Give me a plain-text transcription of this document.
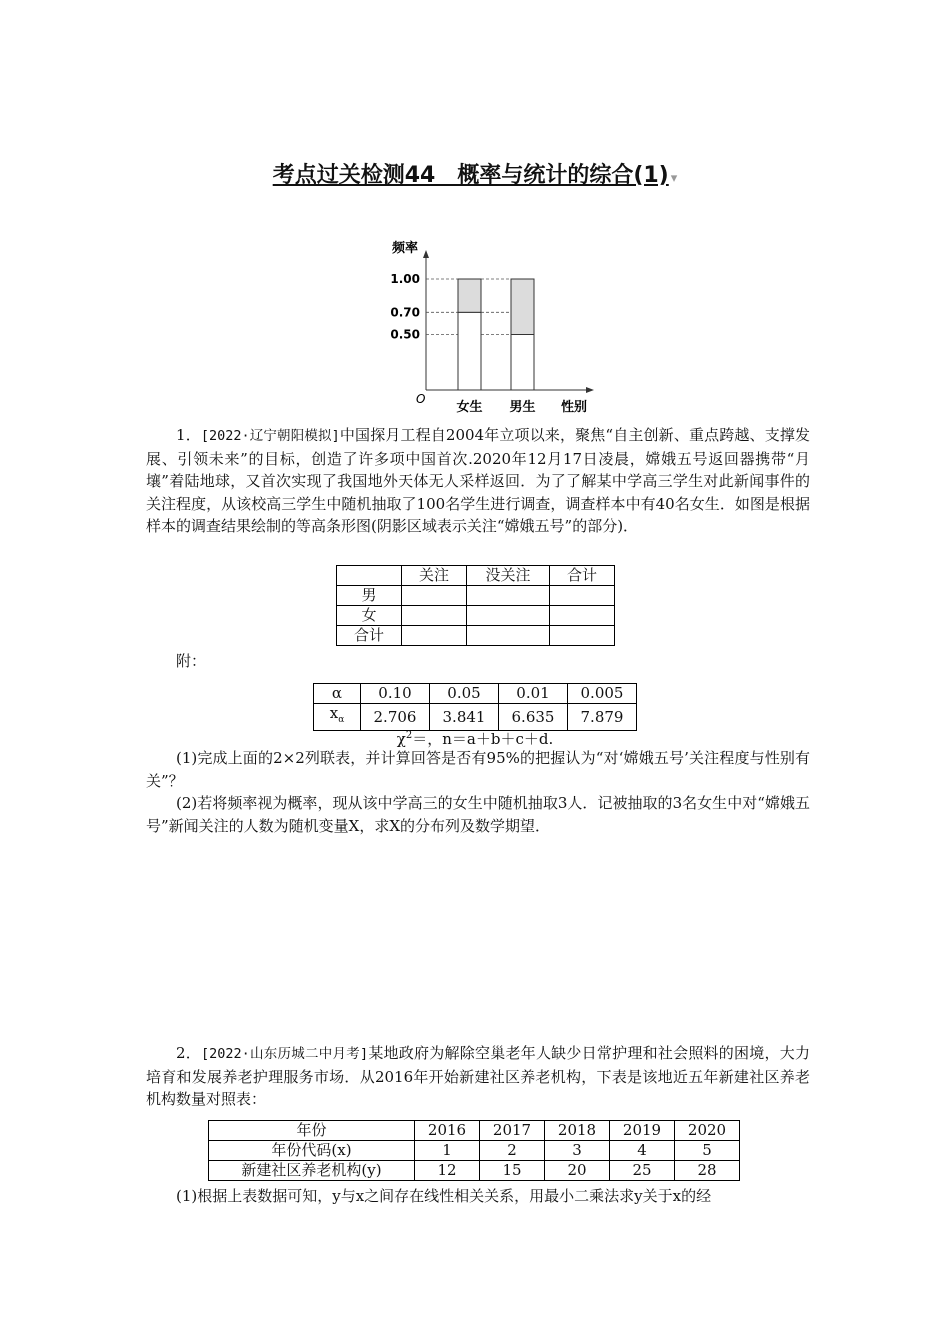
考点过关检测44　概率与统计的综合(1) ▾
频率
O
性别
1.00
0.70
0.50
女生 男生
1．[2022·辽宁朝阳模拟]中国探月工程自2004年立项以来，聚焦“自主创新、重点跨越、支撑发展、引领未来”的目标，创造了许多项中国首次.2020年12月17日凌晨，嫦娥五号返回器携带“月壤”着陆地球，又首次实现了我国地外天体无人采样返回．为了了解某中学高三学生对此新闻事件的关注程度，从该校高三学生中随机抽取了100名学生进行调查，调查样本中有40名女生．如图是根据样本的调查结果绘制的等高条形图(阴影区域表示关注“嫦娥五号”的部分)．
	关注	没关注	合计
男			
女			
合计			
附：
α	0.10	0.05	0.01	0.005
$x_\alpha$	2.706	3.841	6.635	7.879
$\chi^2=$，n＝a＋b＋c＋d.
(1)完成上面的2×2列联表，并计算回答是否有95%的把握认为“对‘嫦娥五号’关注程度与性别有关”？
(2)若将频率视为概率，现从该中学高三的女生中随机抽取3人．记被抽取的3名女生中对“嫦娥五号”新闻关注的人数为随机变量X，求X的分布列及数学期望．
2．[2022·山东历城二中月考]某地政府为解除空巢老年人缺少日常护理和社会照料的困境，大力培育和发展养老护理服务市场．从2016年开始新建社区养老机构，下表是该地近五年新建社区养老机构数量对照表：
年份	2016	2017	2018	2019	2020
年份代码(x)	1	2	3	4	5
新建社区养老机构(y)	12	15	20	25	28
(1)根据上表数据可知，y与x之间存在线性相关关系，用最小二乘法求y关于x的经
